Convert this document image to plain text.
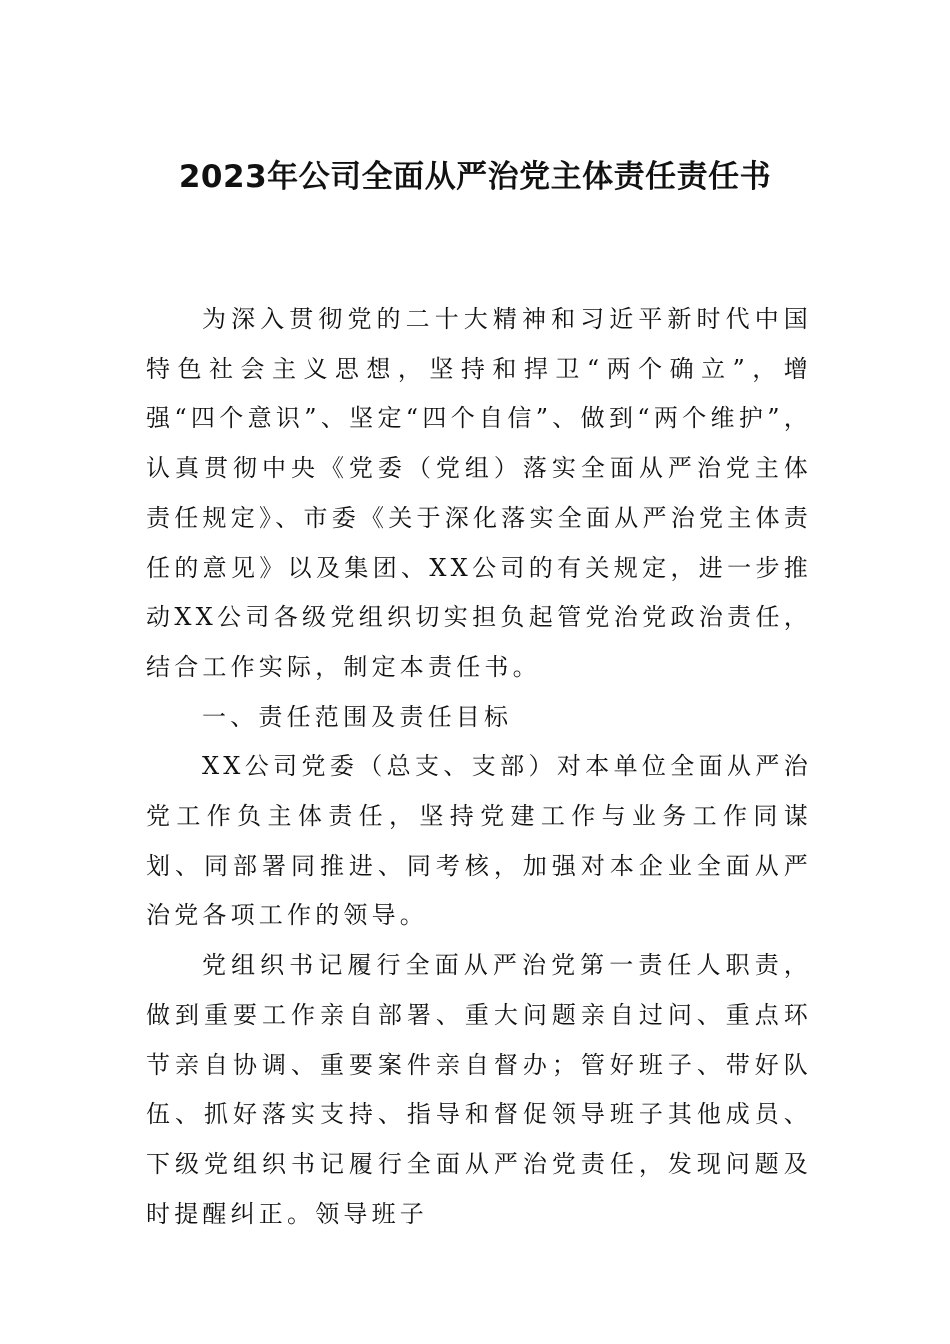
2023年公司全面从严治党主体责任责任书

为深入贯彻党的二十大精神和习近平新时代中国特色社会主义思想，坚持和捍卫“两个确立”，增强“四个意识”、坚定“四个自信”、做到“两个维护”，认真贯彻中央《党委（党组）落实全面从严治党主体责任规定》、市委《关于深化落实全面从严治党主体责任的意见》以及集团、XX公司的有关规定，进一步推动XX公司各级党组织切实担负起管党治党政治责任，结合工作实际，制定本责任书。

一、责任范围及责任目标

XX公司党委（总支、支部）对本单位全面从严治党工作负主体责任，坚持党建工作与业务工作同谋划、同部署同推进、同考核，加强对本企业全面从严治党各项工作的领导。

党组织书记履行全面从严治党第一责任人职责，做到重要工作亲自部署、重大问题亲自过问、重点环节亲自协调、重要案件亲自督办；管好班子、带好队伍、抓好落实支持、指导和督促领导班子其他成员、下级党组织书记履行全面从严治党责任，发现问题及时提醒纠正。领导班子
